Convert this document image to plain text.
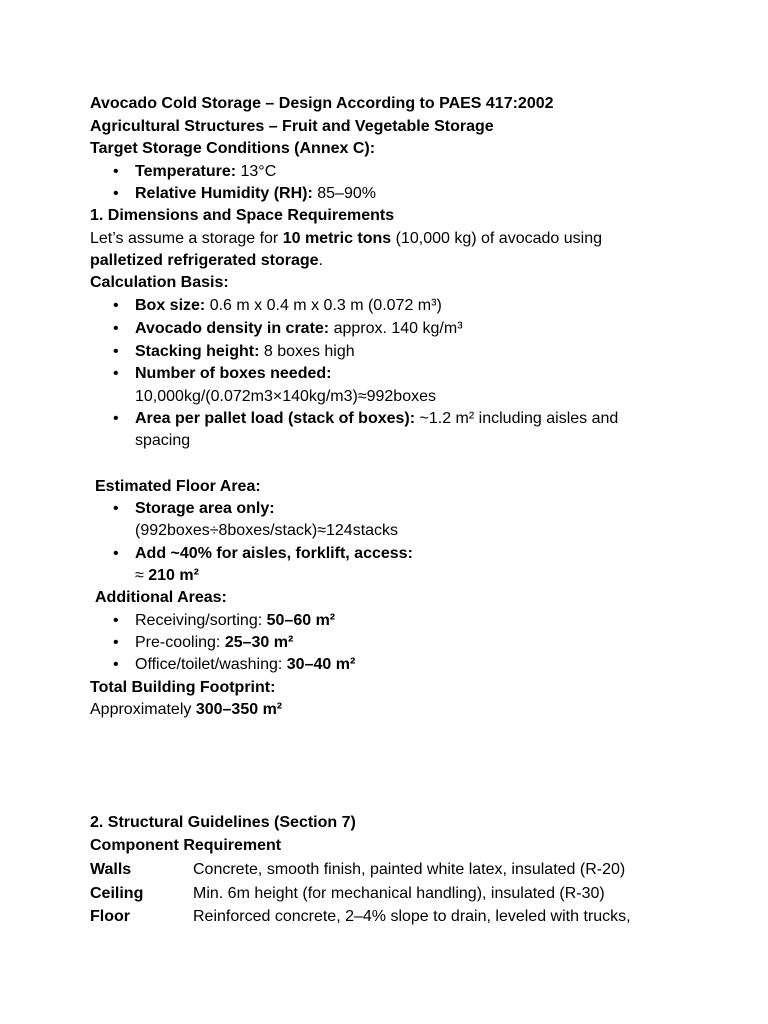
Avocado Cold Storage – Design According to PAES 417:2002
Agricultural Structures – Fruit and Vegetable Storage
Target Storage Conditions (Annex C):
• Temperature: 13°C
• Relative Humidity (RH): 85–90%
1. Dimensions and Space Requirements
Let’s assume a storage for 10 metric tons (10,000 kg) of avocado using
palletized refrigerated storage.
Calculation Basis:
• Box size: 0.6 m x 0.4 m x 0.3 m (0.072 m³)
• Avocado density in crate: approx. 140 kg/m³
• Stacking height: 8 boxes high
• Number of boxes needed:
10,000kg/(0.072m3×140kg/m3)≈992boxes
• Area per pallet load (stack of boxes): ~1.2 m² including aisles and
spacing
Estimated Floor Area:
• Storage area only:
(992boxes÷8boxes/stack)≈124stacks
• Add ~40% for aisles, forklift, access:
≈ 210 m²
Additional Areas:
• Receiving/sorting: 50–60 m²
• Pre-cooling: 25–30 m²
• Office/toilet/washing: 30–40 m²
Total Building Footprint:
Approximately 300–350 m²
2. Structural Guidelines (Section 7)
Component Requirement
Walls	Concrete, smooth finish, painted white latex, insulated (R-20)
Ceiling	Min. 6m height (for mechanical handling), insulated (R-30)
Floor	Reinforced concrete, 2–4% slope to drain, leveled with trucks,
